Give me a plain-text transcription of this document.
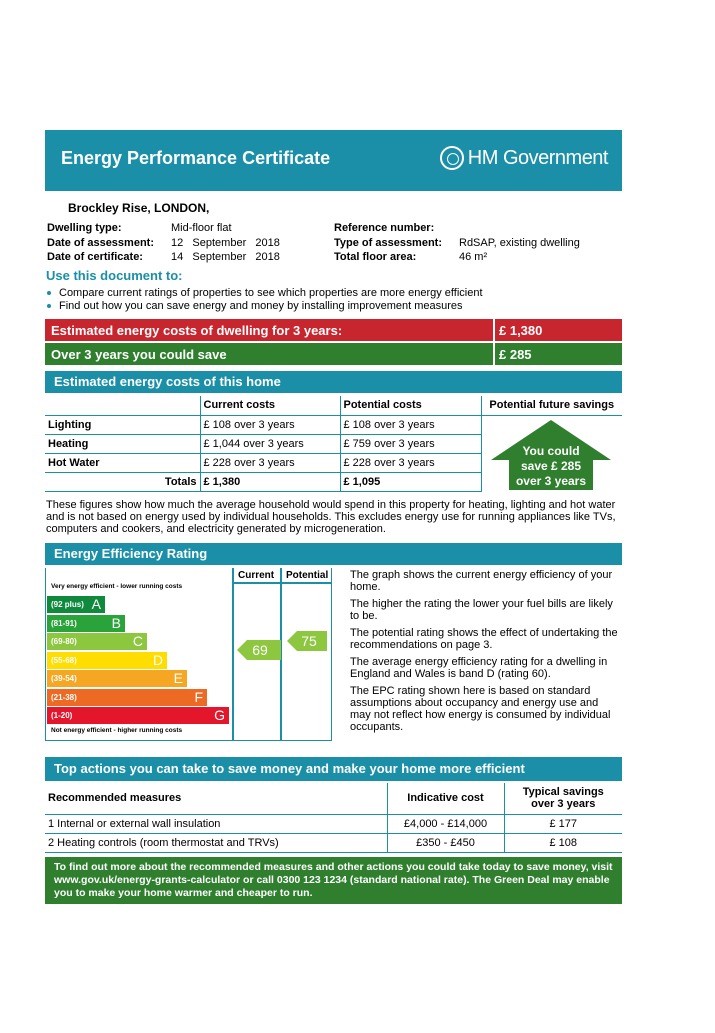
Energy Performance Certificate	HM Government
Brockley Rise, LONDON,
Dwelling type:	Mid-floor flat
Date of assessment: 12 September 2018
Date of certificate:	14 September 2018
Reference number:
Type of assessment: RdSAP, existing dwelling
Total floor area:	46 m²
Use this document to:
Compare current ratings of properties to see which properties are more energy efficient
Find out how you can save energy and money by installing improvement measures
Estimated energy costs of dwelling for 3 years:	£ 1,380
Over 3 years you could save	£ 285
Estimated energy costs of this home
	Current costs	Potential costs	Potential future savings
Lighting	£ 108 over 3 years	£ 108 over 3 years	
Heating	£ 1,044 over 3 years	£ 759 over 3 years	
Hot Water	£ 228 over 3 years	£ 228 over 3 years	
Totals	£ 1,380	£ 1,095	
You could
save £ 285
over 3 years
These figures show how much the average household would spend in this property for heating, lighting and hot water and is not based on energy used by individual households. This excludes energy use for running appliances like TVs, computers and cookers, and electricity generated by microgeneration.
Energy Efficiency Rating
Current Potential
Very energy efficient - lower running costs
Not energy efficient - higher running costs
(92 plus) A
(81-91) B
(69-80)	C
(55-68)	D
(39-54)	E
(21-38)	F
(1-20)	G
69
75
The graph shows the current energy efficiency of your home.
The higher the rating the lower your fuel bills are likely to be.
The potential rating shows the effect of undertaking the recommendations on page 3.
The average energy efficiency rating for a dwelling in England and Wales is band D (rating 60).
The EPC rating shown here is based on standard assumptions about occupancy and energy use and may not reflect how energy is consumed by individual occupants.
Top actions you can take to save money and make your home more efficient
Recommended measures	Indicative cost	Typical savings over 3 years

1 Internal or external wall insulation	£4,000 - £14,000	£ 177
2 Heating controls (room thermostat and TRVs)	£350 - £450	£ 108
To find out more about the recommended measures and other actions you could take today to save money, visit www.gov.uk/energy-grants-calculator or call 0300 123 1234 (standard national rate). The Green Deal may enable you to make your home warmer and cheaper to run.
